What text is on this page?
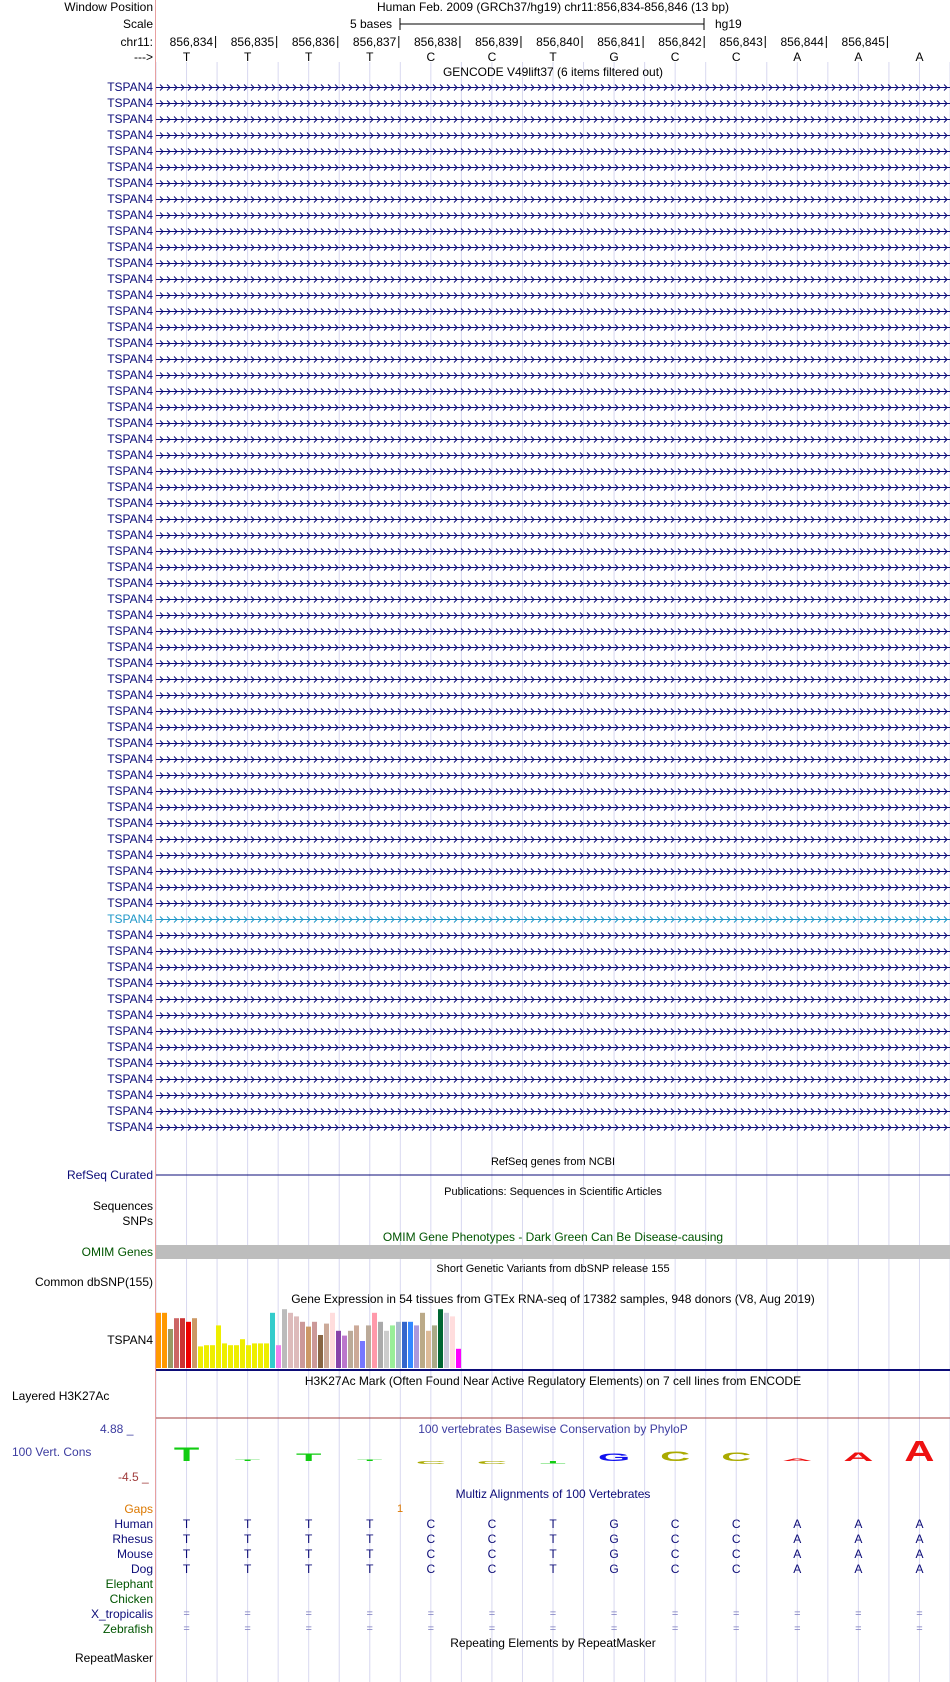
T T T T C C T G C C A A A
Window Position	Human Feb. 2009 (GRCh37/hg19) chr11:856,834-856,846 (13 bp)
Scale	5 bases	hg19
chr11:
--->
856,834	856,835	856,836	856,837	856,838	856,839	856,840	856,841	856,842	856,843	856,844	856,845
T	T	T	T	C	C	T	G	C	C	A	A	A
GENCODE V49lift37 (6 items filtered out)
TSPAN4
TSPAN4
TSPAN4
TSPAN4
TSPAN4
TSPAN4
TSPAN4
TSPAN4
TSPAN4
TSPAN4
TSPAN4
TSPAN4
TSPAN4
TSPAN4
TSPAN4
TSPAN4
TSPAN4
TSPAN4
TSPAN4
TSPAN4
TSPAN4
TSPAN4
TSPAN4
TSPAN4
TSPAN4
TSPAN4
TSPAN4
TSPAN4
TSPAN4
TSPAN4
TSPAN4
TSPAN4
TSPAN4
TSPAN4
TSPAN4
TSPAN4
TSPAN4
TSPAN4
TSPAN4
TSPAN4
TSPAN4
TSPAN4
TSPAN4
TSPAN4
TSPAN4
TSPAN4
TSPAN4
TSPAN4
TSPAN4
TSPAN4
TSPAN4
TSPAN4
TSPAN4
TSPAN4
TSPAN4
TSPAN4
TSPAN4
TSPAN4
TSPAN4
TSPAN4
TSPAN4
TSPAN4
TSPAN4
TSPAN4
TSPAN4
TSPAN4
RefSeq genes from NCBI
RefSeq Curated
Publications: Sequences in Scientific Articles
Sequences
SNPs
OMIM Gene Phenotypes - Dark Green Can Be Disease-causing
OMIM Genes
Short Genetic Variants from dbSNP release 155
Common dbSNP(155)
Gene Expression in 54 tissues from GTEx RNA-seq of 17382 samples, 948 donors (V8, Aug 2019)
TSPAN4
H3K27Ac Mark (Often Found Near Active Regulatory Elements) on 7 cell lines from ENCODE
Layered H3K27Ac
100 vertebrates Basewise Conservation by PhyloP
4.88 _
100 Vert. Cons
-4.5 _
Multiz Alignments of 100 Vertebrates
Gaps	1
Human	T	T	T	T	C	C	T	G	C	C	A	A	A
Rhesus	T	T	T	T	C	C	T	G	C	C	A	A	A
Mouse	T	T	T	T	C	C	T	G	C	C	A	A	A
Dog	T	T	T	T	C	C	T	G	C	C	A	A	A
Elephant
Chicken
X_tropicalis	=	=	=	=	=	=	=	=	=	=	=	=	=
Zebrafish	=	=	=	=	=	=	=	=	=	=	=	=	=
Repeating Elements by RepeatMasker
RepeatMasker
